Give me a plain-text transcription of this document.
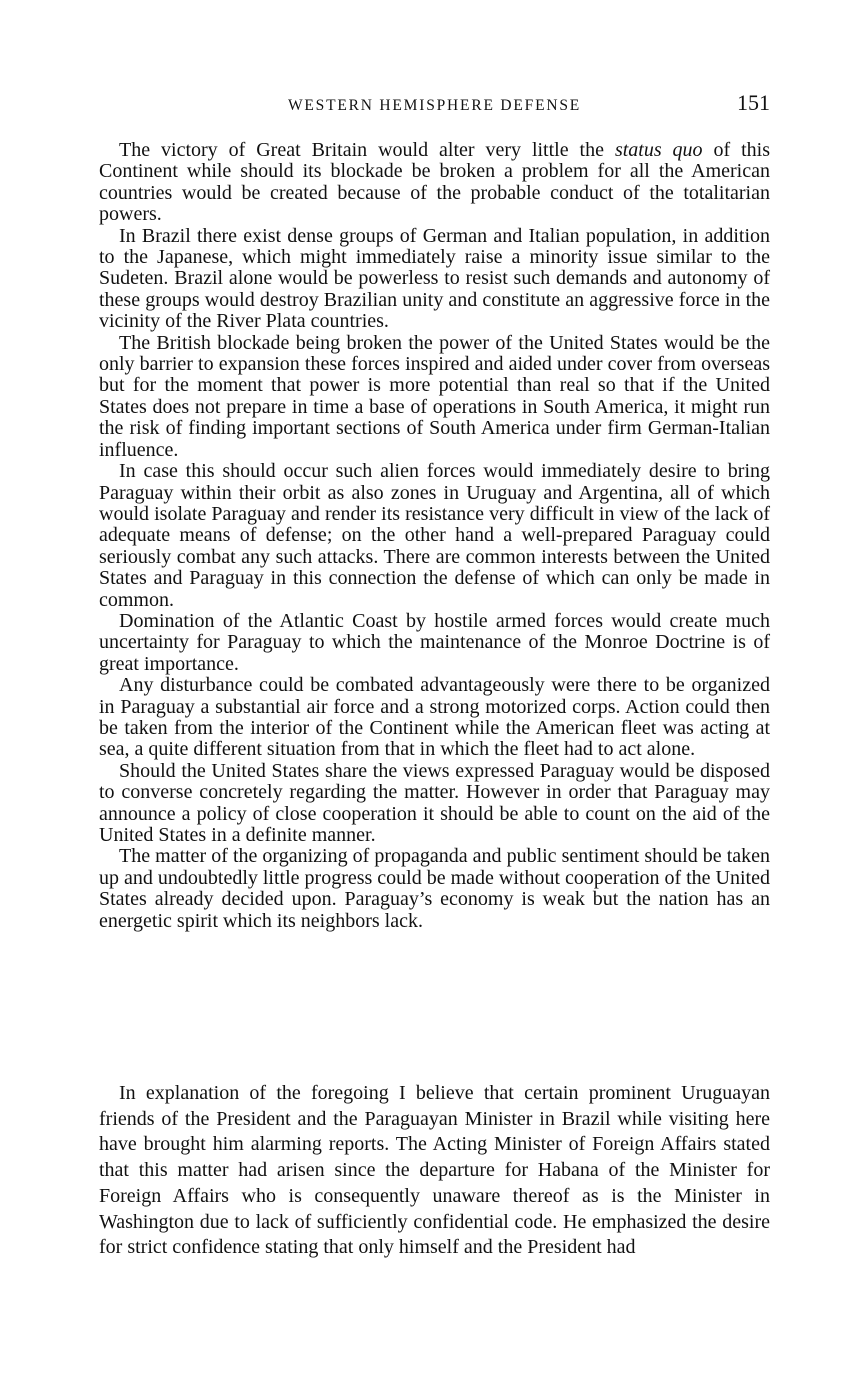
WESTERN HEMISPHERE DEFENSE	151

The victory of Great Britain would alter very little the status quo of this Continent while should its blockade be broken a problem for all the American countries would be created because of the probable conduct of the totalitarian powers.

In Brazil there exist dense groups of German and Italian population, in addition to the Japanese, which might immediately raise a minority issue similar to the Sudeten. Brazil alone would be powerless to resist such demands and autonomy of these groups would destroy Brazilian unity and constitute an aggressive force in the vicinity of the River Plata countries.

The British blockade being broken the power of the United States would be the only barrier to expansion these forces inspired and aided under cover from overseas but for the moment that power is more potential than real so that if the United States does not prepare in time a base of operations in South America, it might run the risk of finding important sections of South America under firm German-Italian influence.

In case this should occur such alien forces would immediately desire to bring Paraguay within their orbit as also zones in Uruguay and Argentina, all of which would isolate Paraguay and render its resistance very difficult in view of the lack of adequate means of defense; on the other hand a well-prepared Paraguay could seriously combat any such attacks. There are common interests between the United States and Paraguay in this connection the defense of which can only be made in common.

Domination of the Atlantic Coast by hostile armed forces would create much uncertainty for Paraguay to which the maintenance of the Monroe Doctrine is of great importance.

Any disturbance could be combated advantageously were there to be organized in Paraguay a substantial air force and a strong motorized corps. Action could then be taken from the interior of the Continent while the American fleet was acting at sea, a quite different situation from that in which the fleet had to act alone.

Should the United States share the views expressed Paraguay would be disposed to converse concretely regarding the matter. However in order that Paraguay may announce a policy of close cooperation it should be able to count on the aid of the United States in a definite manner.

The matter of the organizing of propaganda and public sentiment should be taken up and undoubtedly little progress could be made without cooperation of the United States already decided upon. Paraguay’s economy is weak but the nation has an energetic spirit which its neighbors lack.

In explanation of the foregoing I believe that certain prominent Uruguayan friends of the President and the Paraguayan Minister in Brazil while visiting here have brought him alarming reports. The Acting Minister of Foreign Affairs stated that this matter had arisen since the departure for Habana of the Minister for Foreign Affairs who is consequently unaware thereof as is the Minister in Washington due to lack of sufficiently confidential code. He emphasized the desire for strict confidence stating that only himself and the President had
